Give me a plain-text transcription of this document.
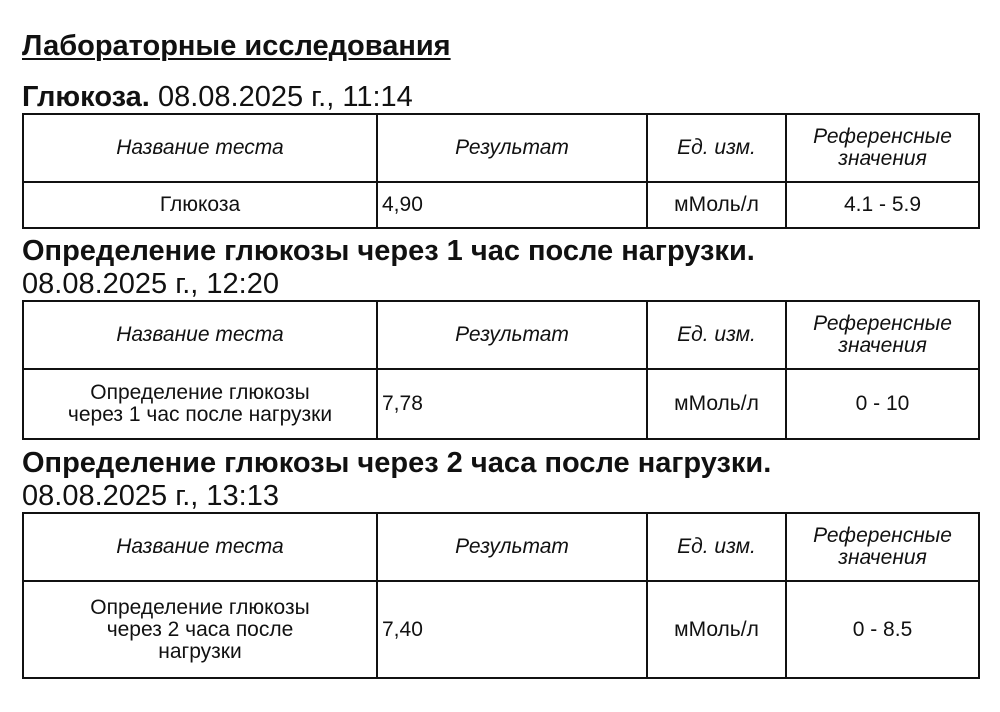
Лабораторные исследования
Глюкоза. 08.08.2025 г., 11:14
Название теста	Результат	Ед. изм.	Референсные
значения
Глюкоза	4,90	мМоль/л	4.1 - 5.9
Определение глюкозы через 1 час после нагрузки.
08.08.2025 г., 12:20
Название теста	Результат	Ед. изм.	Референсные
значения
Определение глюкозы
через 1 час после нагрузки	7,78	мМоль/л	0 - 10
Определение глюкозы через 2 часа после нагрузки.
08.08.2025 г., 13:13
Название теста	Результат	Ед. изм.	Референсные
значения
Определение глюкозы
через 2 часа после
нагрузки	7,40	мМоль/л	0 - 8.5
